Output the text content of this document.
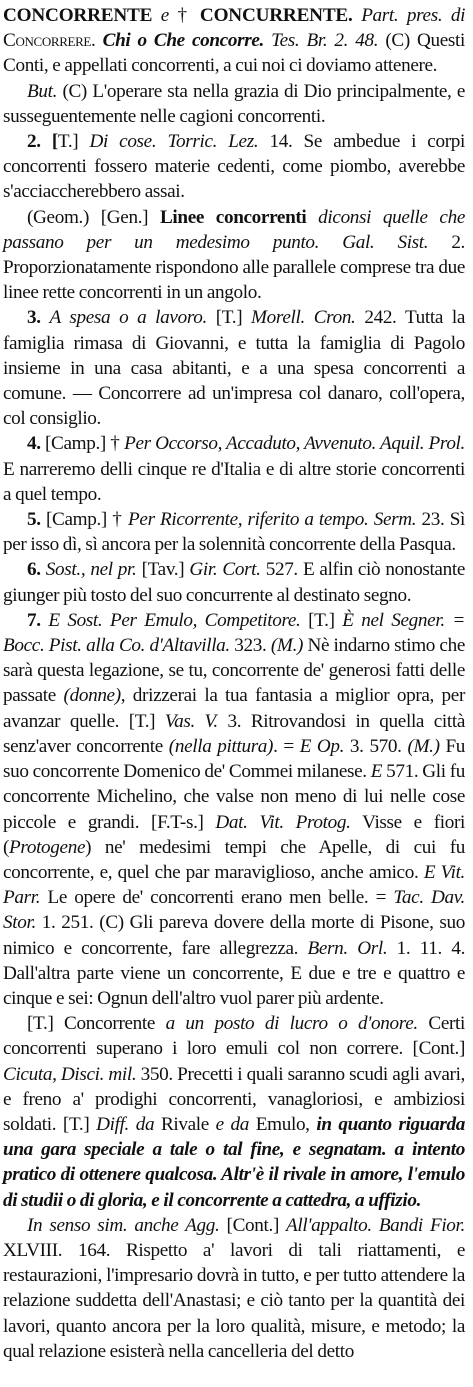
CONCORRENTE e † CONCURRENTE. Part. pres. di Concorrere. Chi o Che concorre. Tes. Br. 2. 48. (C) Questi Conti, e appellati concorrenti, a cui noi ci doviamo attenere.

But. (C) L'operare sta nella grazia di Dio principalmente, e susseguentemente nelle cagioni concorrenti.

2. [T.] Di cose. Torric. Lez. 14. Se ambedue i corpi concorrenti fossero materie cedenti, come piombo, averebbe s'acciaccherebbero assai.

(Geom.) [Gen.] Linee concorrenti diconsi quelle che passano per un medesimo punto. Gal. Sist. 2. Proporzionatamente rispondono alle parallele comprese tra due linee rette concorrenti in un angolo.

3. A spesa o a lavoro. [T.] Morell. Cron. 242. Tutta la famiglia rimasa di Giovanni, e tutta la famiglia di Pagolo insieme in una casa abitanti, e a una spesa concorrenti a comune. — Concorrere ad un'impresa col danaro, coll'opera, col consiglio.

4. [Camp.] † Per Occorso, Accaduto, Avvenuto. Aquil. Prol. E narreremo delli cinque re d'Italia e di altre storie concorrenti a quel tempo.

5. [Camp.] † Per Ricorrente, riferito a tempo. Serm. 23. Sì per isso dì, sì ancora per la solennità concorrente della Pasqua.

6. Sost., nel pr. [Tav.] Gir. Cort. 527. E alfin ciò nonostante giunger più tosto del suo concurrente al destinato segno.

7. E Sost. Per Emulo, Competitore. [T.] È nel Segner. = Bocc. Pist. alla Co. d'Altavilla. 323. (M.) Nè indarno stimo che sarà questa legazione, se tu, concorrente de' generosi fatti delle passate (donne), drizzerai la tua fantasia a miglior opra, per avanzar quelle. [T.] Vas. V. 3. Ritrovandosi in quella città senz'aver concorrente (nella pittura). = E Op. 3. 570. (M.) Fu suo concorrente Domenico de' Commei milanese. E 571. Gli fu concorrente Michelino, che valse non meno di lui nelle cose piccole e grandi. [F.T-s.] Dat. Vit. Protog. Visse e fiori (Protogene) ne' medesimi tempi che Apelle, di cui fu concorrente, e, quel che par maraviglioso, anche amico. E Vit. Parr. Le opere de' concorrenti erano men belle. = Tac. Dav. Stor. 1. 251. (C) Gli pareva dovere della morte di Pisone, suo nimico e concorrente, fare allegrezza. Bern. Orl. 1. 11. 4. Dall'altra parte viene un concorrente, E due e tre e quattro e cinque e sei: Ognun dell'altro vuol parer più ardente.

[T.] Concorrente a un posto di lucro o d'onore. Certi concorrenti superano i loro emuli col non correre. [Cont.] Cicuta, Disci. mil. 350. Precetti i quali saranno scudi agli avari, e freno a' prodighi concorrenti, vanagloriosi, e ambiziosi soldati. [T.] Diff. da Rivale e da Emulo, in quanto riguarda una gara speciale a tale o tal fine, e segnatam. a intento pratico di ottenere qualcosa. Altr'è il rivale in amore, l'emulo di studii o di gloria, e il concorrente a cattedra, a uffizio.

In senso sim. anche Agg. [Cont.] All'appalto. Bandi Fior. XLVIII. 164. Rispetto a' lavori di tali riattamenti, e restaurazioni, l'impresario dovrà in tutto, e per tutto attendere la relazione suddetta dell'Anastasi; e ciò tanto per la quantità dei lavori, quanto ancora per la loro qualità, misure, e metodo; la qual relazione esisterà nella cancelleria del detto
